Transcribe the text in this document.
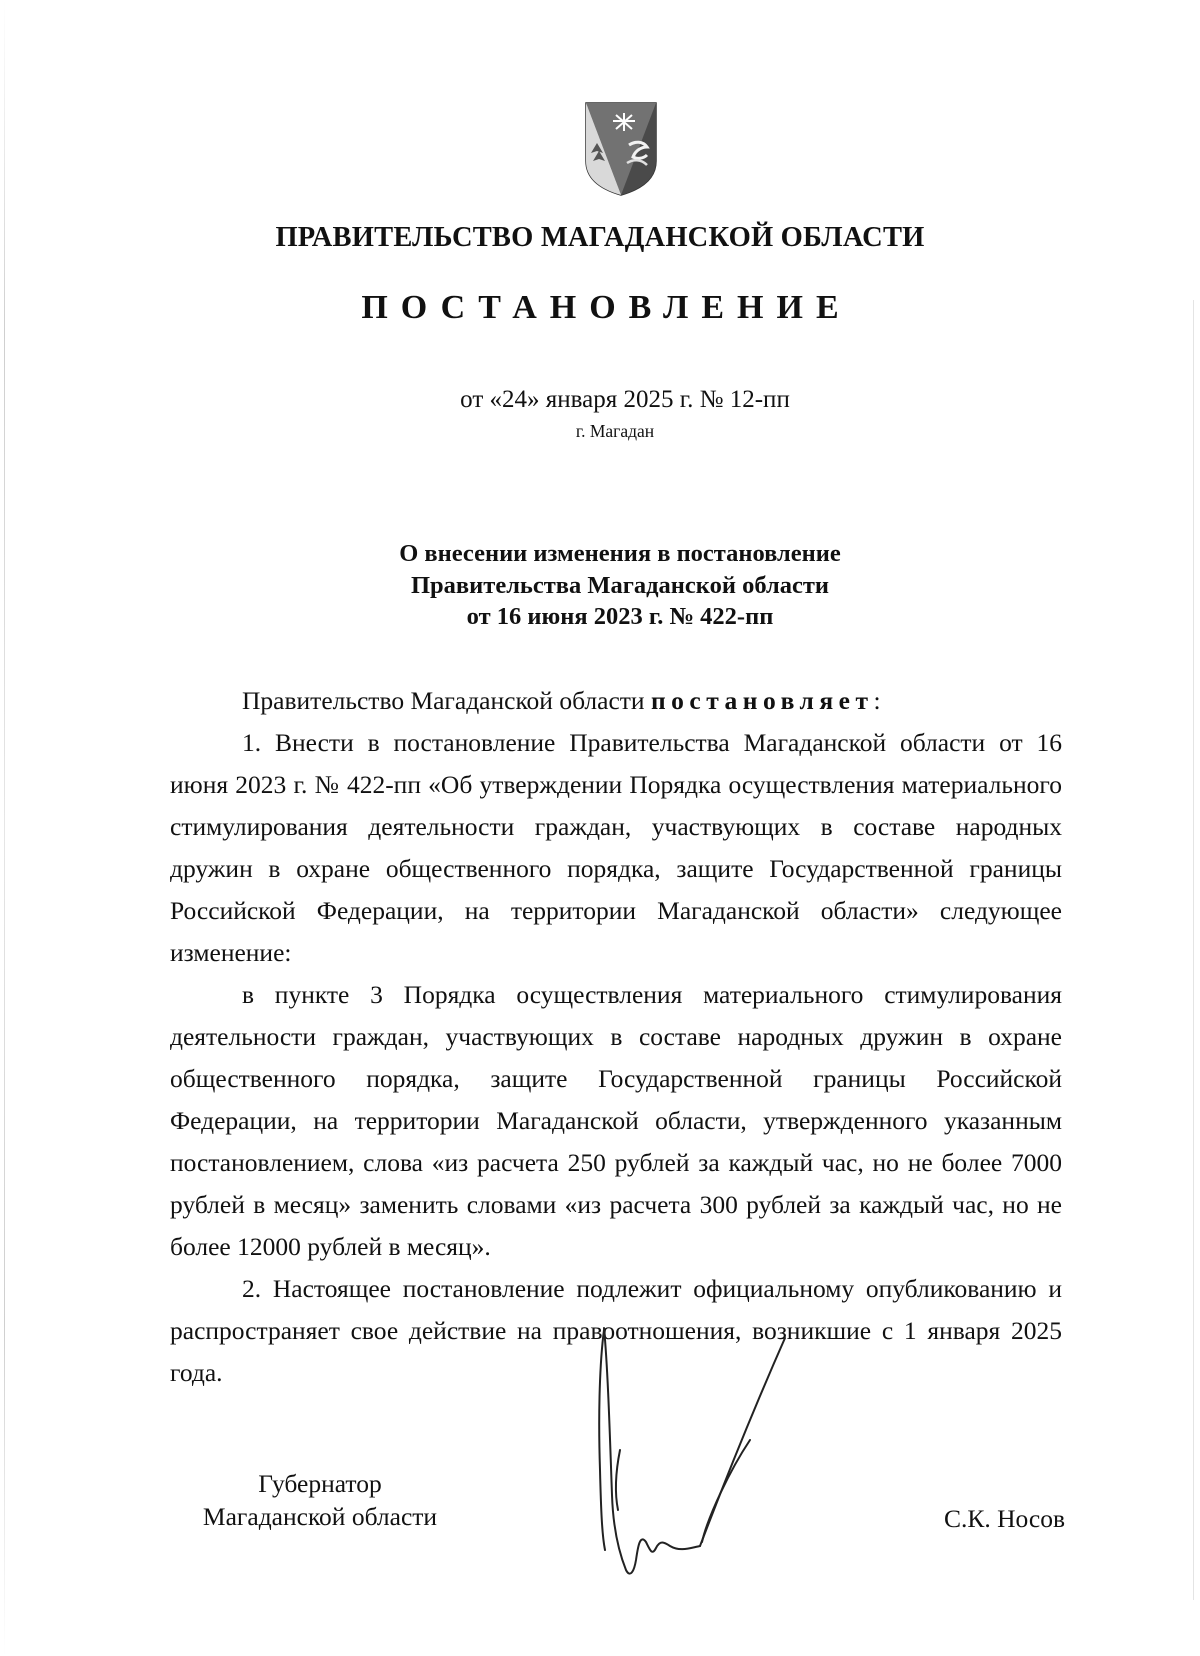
ПРАВИТЕЛЬСТВО МАГАДАНСКОЙ ОБЛАСТИ
ПОСТАНОВЛЕНИЕ
от «24» января 2025 г. № 12-пп
г. Магадан
О внесении изменения в постановление
Правительства Магаданской области
от 16 июня 2023 г. № 422-пп

Правительство Магаданской области постановляет:

1. Внести в постановление Правительства Магаданской области от 16 июня 2023 г. № 422-пп «Об утверждении Порядка осуществления материального стимулирования деятельности граждан, участвующих в составе народных дружин в охране общественного порядка, защите Государственной границы Российской Федерации, на территории Магаданской области» следующее изменение:

в пункте 3 Порядка осуществления материального стимулирования деятельности граждан, участвующих в составе народных дружин в охране общественного порядка, защите Государственной границы Российской Федерации, на территории Магаданской области, утвержденного указанным постановлением, слова «из расчета 250 рублей за каждый час, но не более 7000 рублей в месяц» заменить словами «из расчета 300 рублей за каждый час, но не более 12000 рублей в месяц».

2. Настоящее постановление подлежит официальному опубликованию и распространяет свое действие на правоотношения, возникшие с 1 января 2025 года.

Губернатор
Магаданской области	С.К. Носов
